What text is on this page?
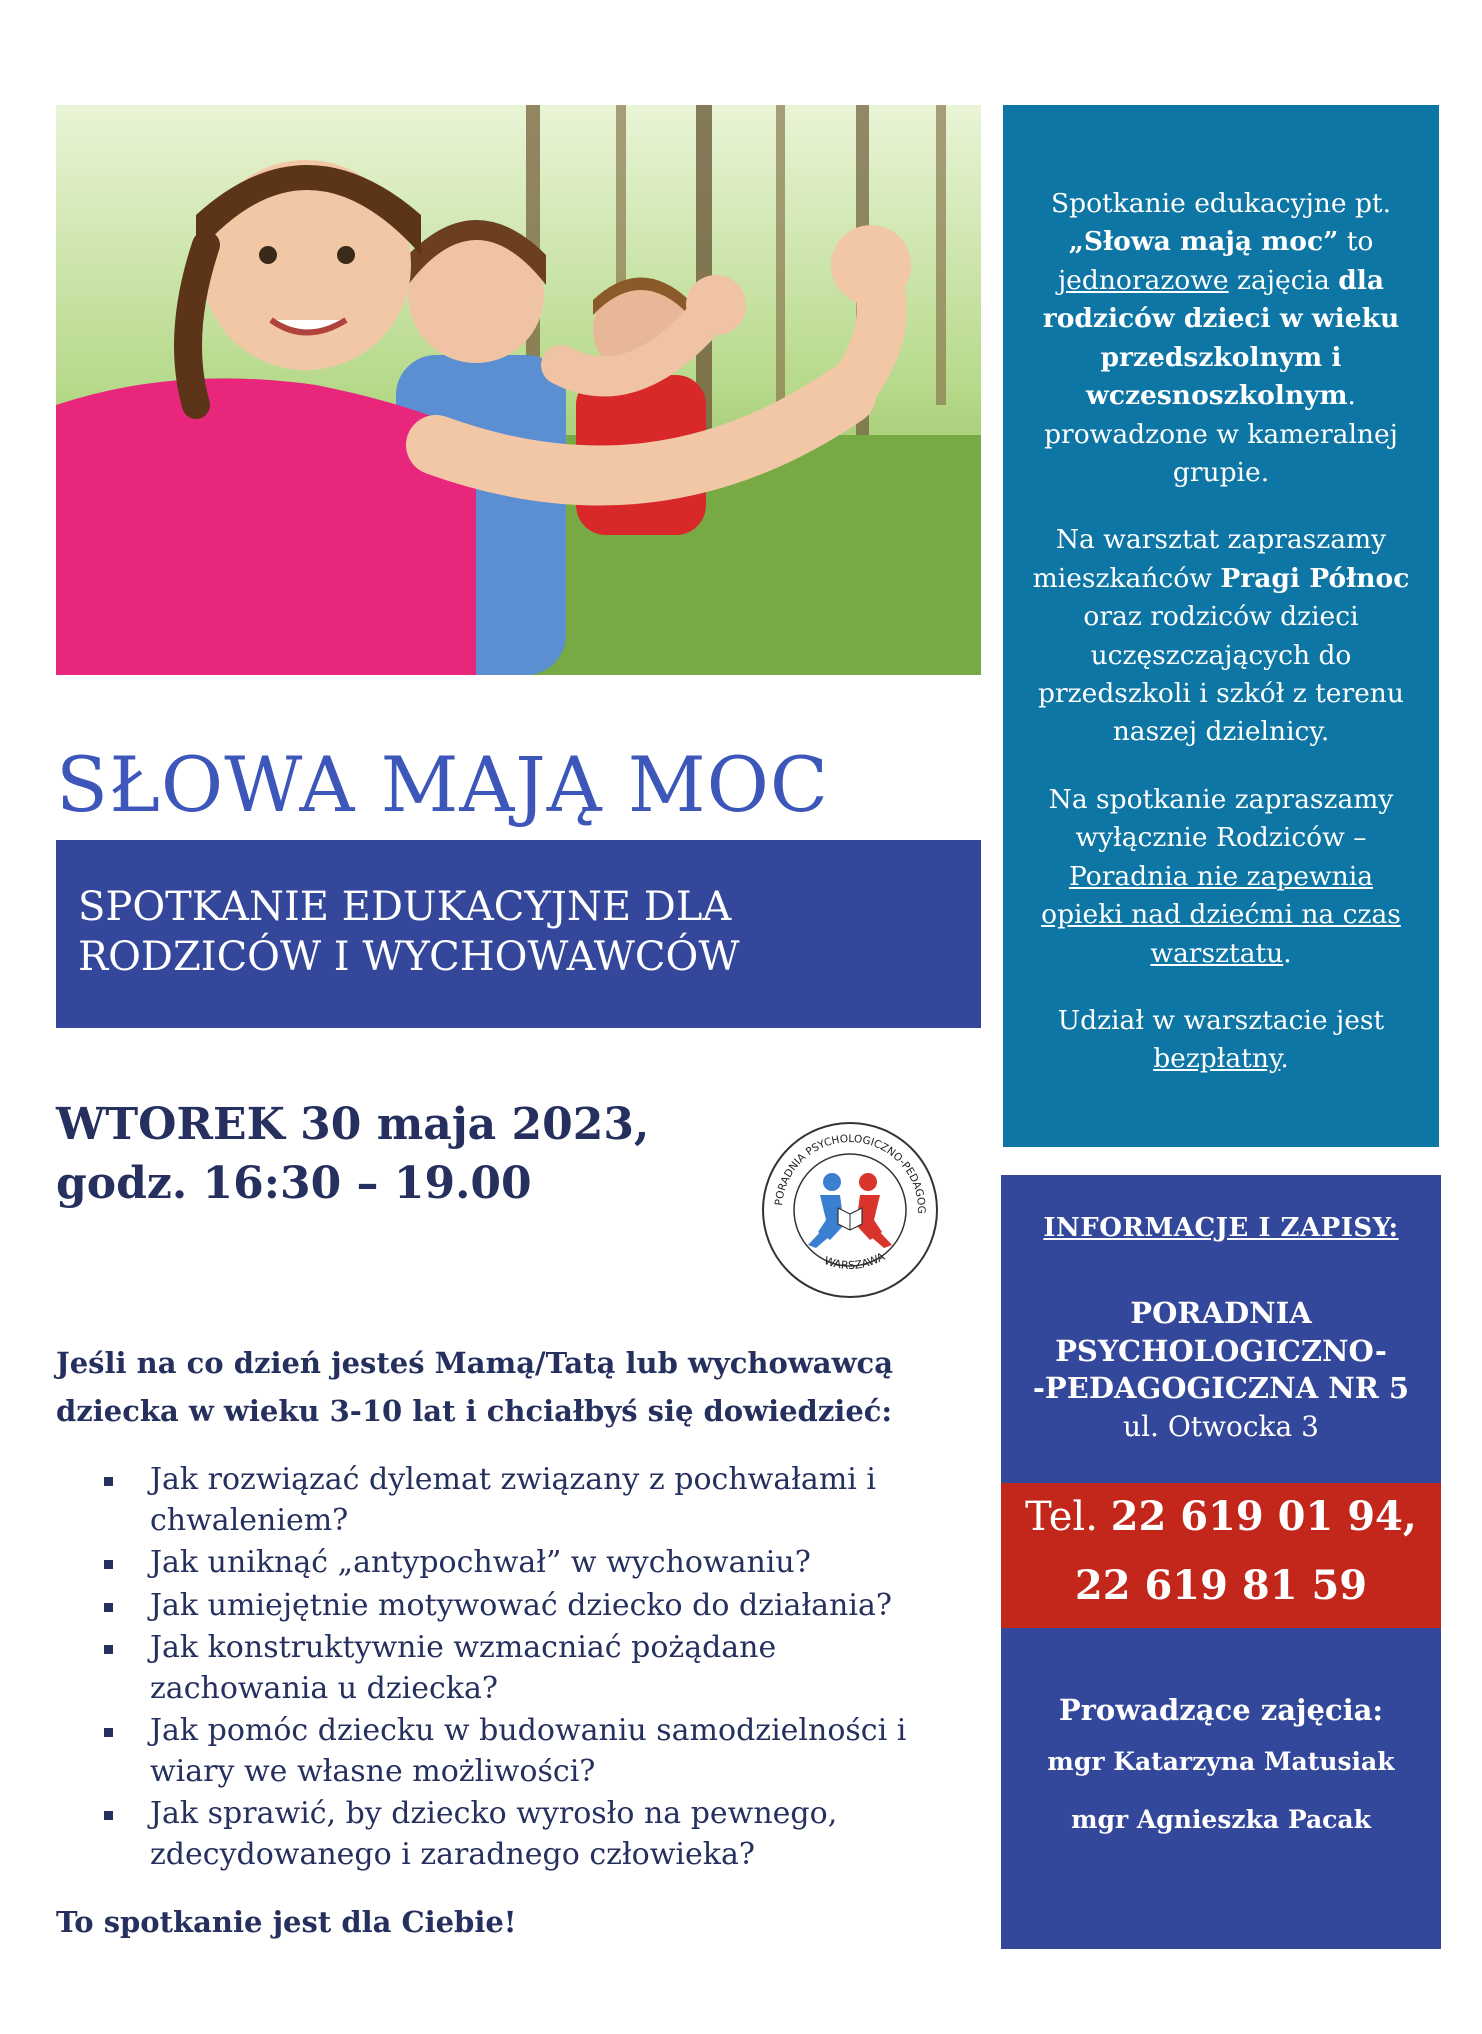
SŁOWA MAJĄ MOC
SPOTKANIE EDUKACYJNE DLA
RODZICÓW I WYCHOWAWCÓW
WTOREK 30 maja 2023,
godz. 16:30 – 19.00	PORADNIA PSYCHOLOGICZNO-PEDAGOG
WARSZAWA
Jeśli na co dzień jesteś Mamą/Tatą lub wychowawcą
dziecka w wieku 3-10 lat i chciałbyś się dowiedzieć:
Jak rozwiązać dylemat związany z pochwałami i chwaleniem?
Jak uniknąć „antypochwał” w wychowaniu?
Jak umiejętnie motywować dziecko do działania?
Jak konstruktywnie wzmacniać pożądane zachowania u dziecka?
Jak pomóc dziecku w budowaniu samodzielności i wiary we własne możliwości?
Jak sprawić, by dziecko wyrosło na pewnego, zdecydowanego i zaradnego człowieka?
To spotkanie jest dla Ciebie!

Spotkanie edukacyjne pt.
„Słowa mają moc” to jednorazowe zajęcia dla rodziców dzieci w wieku przedszkolnym i wczesnoszkolnym. prowadzone w kameralnej grupie.

Na warsztat zapraszamy mieszkańców Pragi Północ oraz rodziców dzieci uczęszczających do przedszkoli i szkół z terenu naszej dzielnicy.

Na spotkanie zapraszamy wyłącznie Rodziców – Poradnia nie zapewnia opieki nad dziećmi na czas warsztatu.

Udział w warsztacie jest bezpłatny.

INFORMACJE I ZAPISY:
PORADNIA
PSYCHOLOGICZNO-
-PEDAGOGICZNA NR 5
ul. Otwocka 3
Tel. 22 619 01 94,
22 619 81 59
Prowadzące zajęcia:
mgr Katarzyna Matusiak
mgr Agnieszka Pacak
